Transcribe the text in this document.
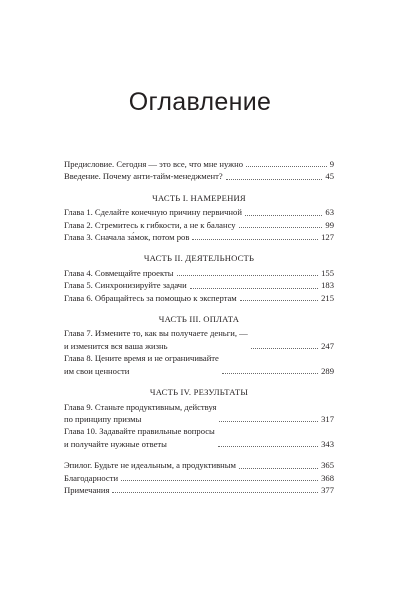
Оглавление
Предисловие. Сегодня — это все, что мне нужно	9
Введение. Почему анти-тайм-менеджмент?	45
ЧАСТЬ I. НАМЕРЕНИЯ
Глава 1. Сделайте конечную причину первичной	63
Глава 2. Стремитесь к гибкости, а не к балансу	99
Глава 3. Сначала за́мок, потом ров	127
ЧАСТЬ II. ДЕЯТЕЛЬНОСТЬ
Глава 4. Совмещайте проекты	155
Глава 5. Синхронизируйте задачи	183
Глава 6. Обращайтесь за помощью к экспертам	215
ЧАСТЬ III. ОПЛАТА
Глава 7. Измените то, как вы получаете деньги, —
и изменится вся ваша жизнь	247
Глава 8. Цените время и не ограничивайте
им свои ценности	289
ЧАСТЬ IV. РЕЗУЛЬТАТЫ
Глава 9. Станьте продуктивным, действуя
по принципу призмы	317
Глава 10. Задавайте правильные вопросы
и получайте нужные ответы	343
Эпилог. Будьте не идеальным, а продуктивным	365
Благодарности	368
Примечания	377
